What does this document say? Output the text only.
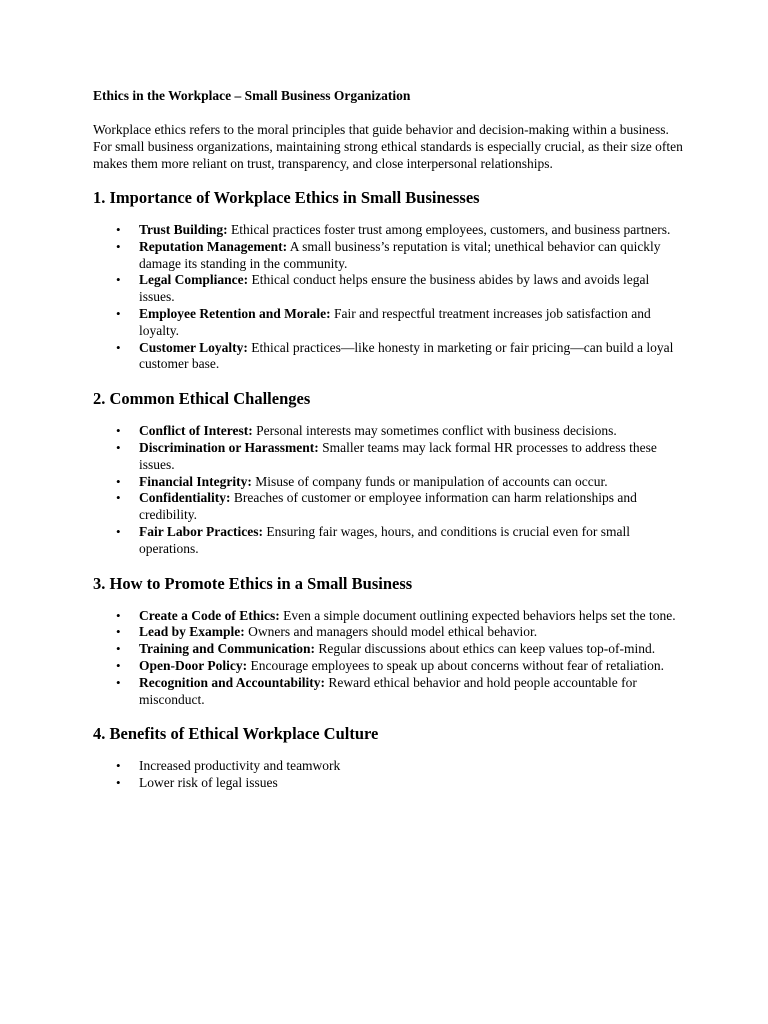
Ethics in the Workplace – Small Business Organization

Workplace ethics refers to the moral principles that guide behavior and decision-making within a business. For small business organizations, maintaining strong ethical standards is especially crucial, as their size often makes them more reliant on trust, transparency, and close interpersonal relationships.

1. Importance of Workplace Ethics in Small Businesses
• Trust Building: Ethical practices foster trust among employees, customers, and business partners.
• Reputation Management: A small business’s reputation is vital; unethical behavior can quickly damage its standing in the community.
• Legal Compliance: Ethical conduct helps ensure the business abides by laws and avoids legal issues.
• Employee Retention and Morale: Fair and respectful treatment increases job satisfaction and loyalty.
• Customer Loyalty: Ethical practices—like honesty in marketing or fair pricing—can build a loyal customer base.
2. Common Ethical Challenges
• Conflict of Interest: Personal interests may sometimes conflict with business decisions.
• Discrimination or Harassment: Smaller teams may lack formal HR processes to address these issues.
• Financial Integrity: Misuse of company funds or manipulation of accounts can occur.
• Confidentiality: Breaches of customer or employee information can harm relationships and credibility.
• Fair Labor Practices: Ensuring fair wages, hours, and conditions is crucial even for small operations.
3. How to Promote Ethics in a Small Business
• Create a Code of Ethics: Even a simple document outlining expected behaviors helps set the tone.
• Lead by Example: Owners and managers should model ethical behavior.
• Training and Communication: Regular discussions about ethics can keep values top-of-mind.
• Open-Door Policy: Encourage employees to speak up about concerns without fear of retaliation.
• Recognition and Accountability: Reward ethical behavior and hold people accountable for misconduct.
4. Benefits of Ethical Workplace Culture
• Increased productivity and teamwork
• Lower risk of legal issues
